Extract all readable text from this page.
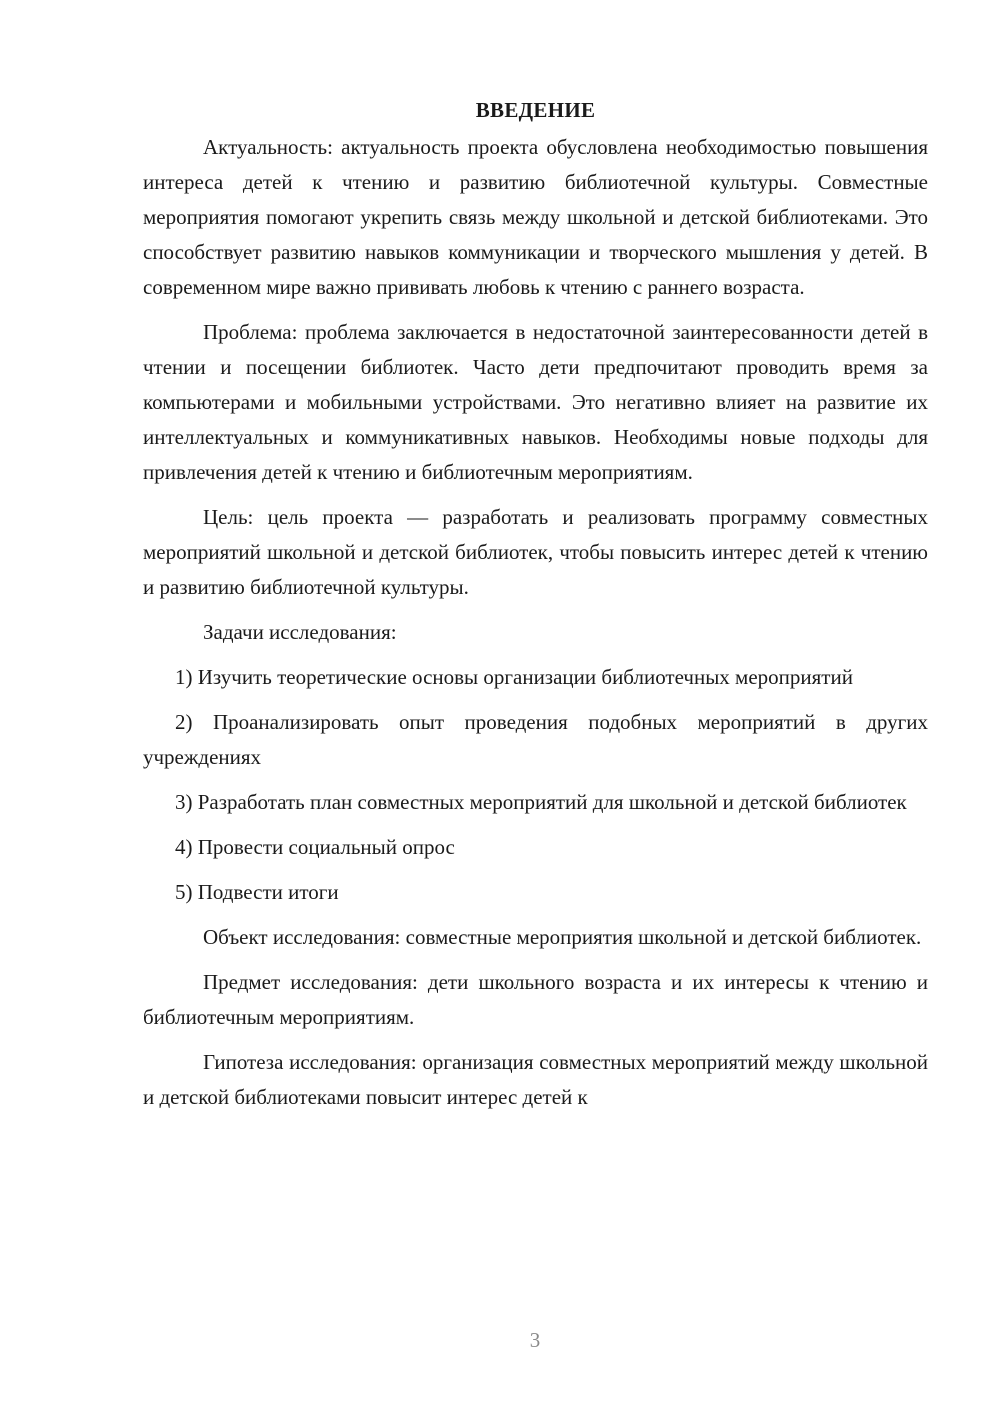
ВВЕДЕНИЕ

Актуальность: актуальность проекта обусловлена необходимостью повышения интереса детей к чтению и развитию библиотечной культуры. Совместные мероприятия помогают укрепить связь между школьной и детской библиотеками. Это способствует развитию навыков коммуникации и творческого мышления у детей. В современном мире важно прививать любовь к чтению с раннего возраста.

Проблема: проблема заключается в недостаточной заинтересованности детей в чтении и посещении библиотек. Часто дети предпочитают проводить время за компьютерами и мобильными устройствами. Это негативно влияет на развитие их интеллектуальных и коммуникативных навыков. Необходимы новые подходы для привлечения детей к чтению и библиотечным мероприятиям.

Цель: цель проекта — разработать и реализовать программу совместных мероприятий школьной и детской библиотек, чтобы повысить интерес детей к чтению и развитию библиотечной культуры.

Задачи исследования:

1) Изучить теоретические основы организации библиотечных мероприятий

2) Проанализировать опыт проведения подобных мероприятий в других учреждениях

3) Разработать план совместных мероприятий для школьной и детской библиотек

4) Провести социальный опрос

5) Подвести итоги

Объект исследования: совместные мероприятия школьной и детской библиотек.

Предмет исследования: дети школьного возраста и их интересы к чтению и библиотечным мероприятиям.

Гипотеза исследования: организация совместных мероприятий между школьной и детской библиотеками повысит интерес детей к

3
